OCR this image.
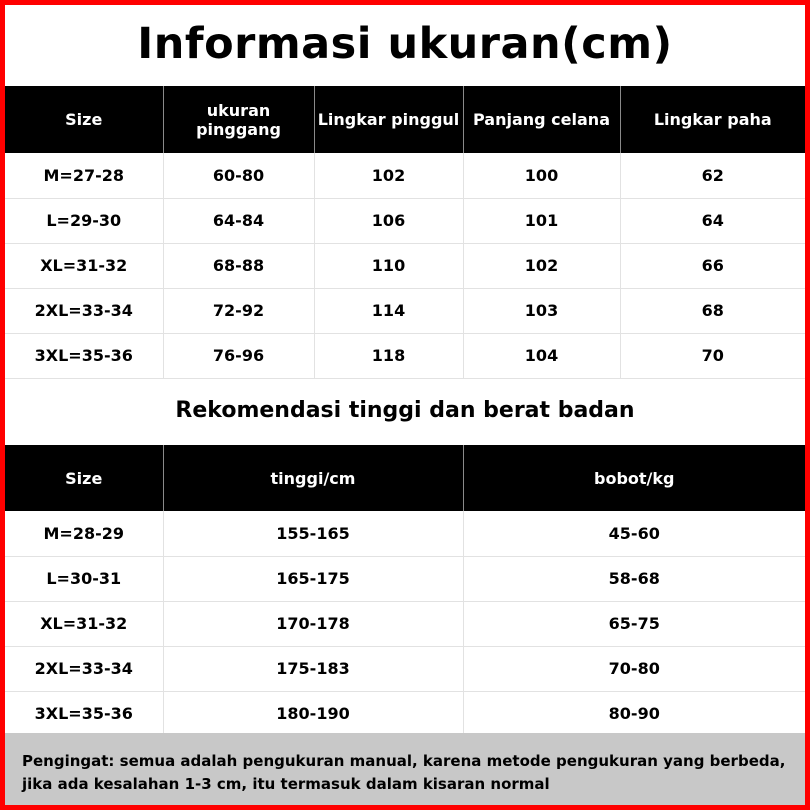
Informasi ukuran(cm)
Size	ukuran pinggang	Lingkar pinggul	Panjang celana	Lingkar paha
M=27-28	60-80	102	100	62
L=29-30	64-84	106	101	64
XL=31-32	68-88	110	102	66
2XL=33-34	72-92	114	103	68
3XL=35-36	76-96	118	104	70
Rekomendasi tinggi dan berat badan
Size	tinggi/cm	bobot/kg
M=28-29	155-165	45-60
L=30-31	165-175	58-68
XL=31-32	170-178	65-75
2XL=33-34	175-183	70-80
3XL=35-36	180-190	80-90
Pengingat: semua adalah pengukuran manual, karena metode pengukuran yang berbeda, jika ada kesalahan 1-3 cm, itu termasuk dalam kisaran normal
